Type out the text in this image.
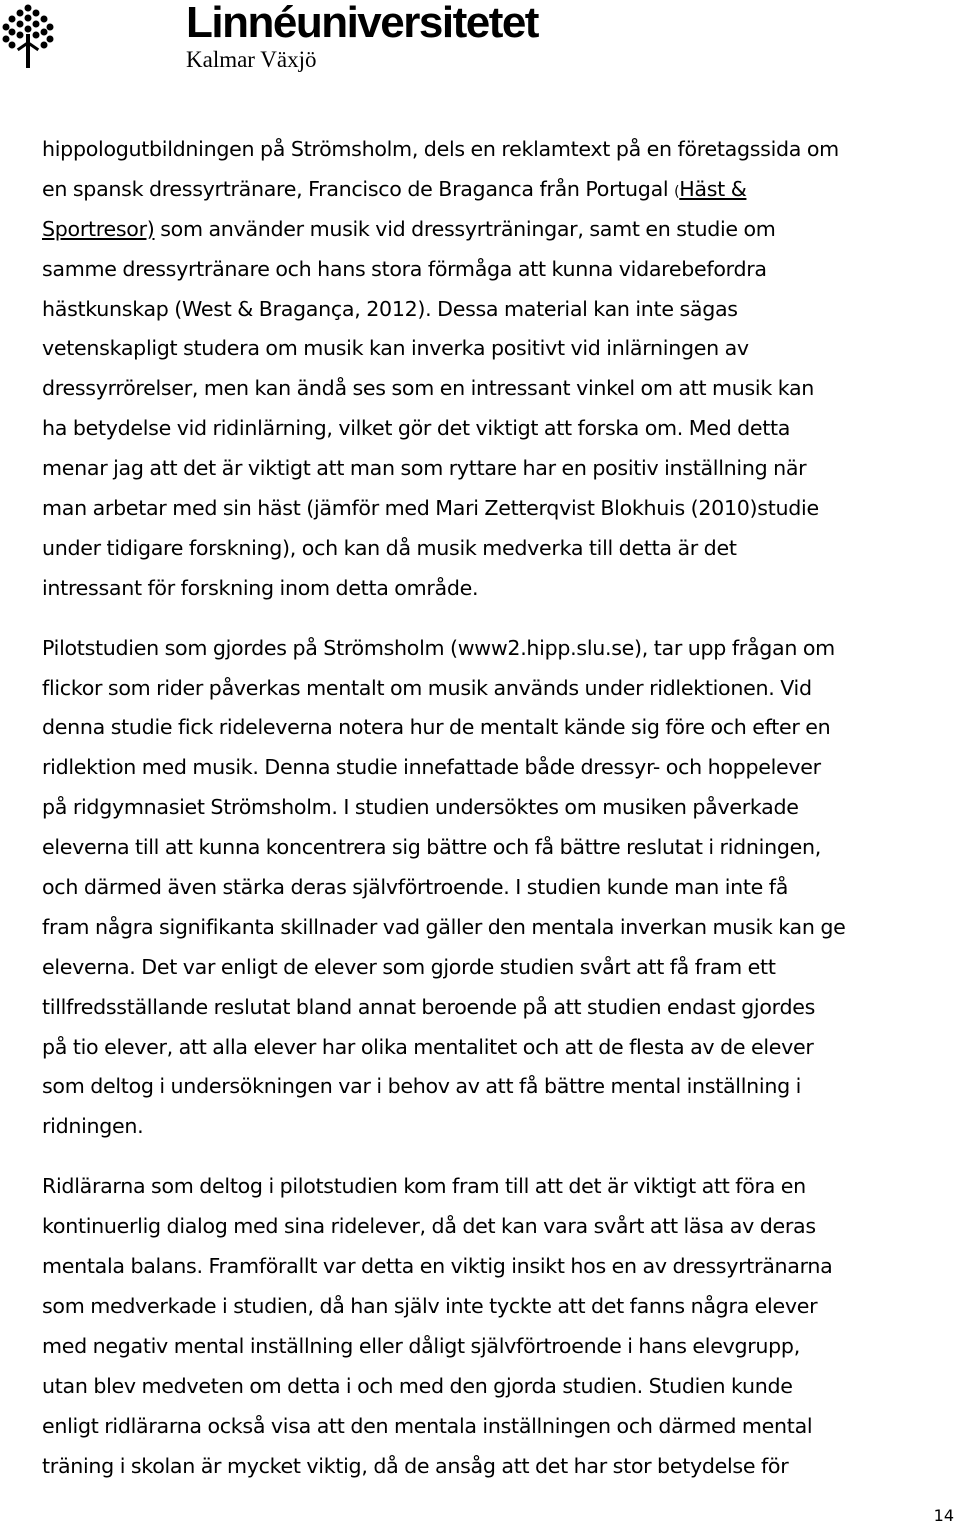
Linnéuniversitetet
Kalmar Växjö

hippologutbildningen på Strömsholm, dels en reklamtext på en företagssida om
en spansk dressyrtränare, Francisco de Braganca från Portugal (Häst &
Sportresor) som använder musik vid dressyrträningar, samt en studie om
samme dressyrtränare och hans stora förmåga att kunna vidarebefordra
hästkunskap (West & Bragança, 2012). Dessa material kan inte sägas
vetenskapligt studera om musik kan inverka positivt vid inlärningen av
dressyrrörelser, men kan ändå ses som en intressant vinkel om att musik kan
ha betydelse vid ridinlärning, vilket gör det viktigt att forska om. Med detta
menar jag att det är viktigt att man som ryttare har en positiv inställning när
man arbetar med sin häst (jämför med Mari Zetterqvist Blokhuis (2010)studie
under tidigare forskning), och kan då musik medverka till detta är det
intressant för forskning inom detta område.

Pilotstudien som gjordes på Strömsholm (www2.hipp.slu.se), tar upp frågan om
flickor som rider påverkas mentalt om musik används under ridlektionen. Vid
denna studie fick rideleverna notera hur de mentalt kände sig före och efter en
ridlektion med musik. Denna studie innefattade både dressyr- och hoppelever
på ridgymnasiet Strömsholm. I studien undersöktes om musiken påverkade
eleverna till att kunna koncentrera sig bättre och få bättre reslutat i ridningen,
och därmed även stärka deras självförtroende. I studien kunde man inte få
fram några signifikanta skillnader vad gäller den mentala inverkan musik kan ge
eleverna. Det var enligt de elever som gjorde studien svårt att få fram ett
tillfredsställande reslutat bland annat beroende på att studien endast gjordes
på tio elever, att alla elever har olika mentalitet och att de flesta av de elever
som deltog i undersökningen var i behov av att få bättre mental inställning i
ridningen.

Ridlärarna som deltog i pilotstudien kom fram till att det är viktigt att föra en
kontinuerlig dialog med sina ridelever, då det kan vara svårt att läsa av deras
mentala balans. Framförallt var detta en viktig insikt hos en av dressyrtränarna
som medverkade i studien, då han själv inte tyckte att det fanns några elever
med negativ mental inställning eller dåligt självförtroende i hans elevgrupp,
utan blev medveten om detta i och med den gjorda studien. Studien kunde
enligt ridlärarna också visa att den mentala inställningen och därmed mental
träning i skolan är mycket viktig, då de ansåg att det har stor betydelse för

14
